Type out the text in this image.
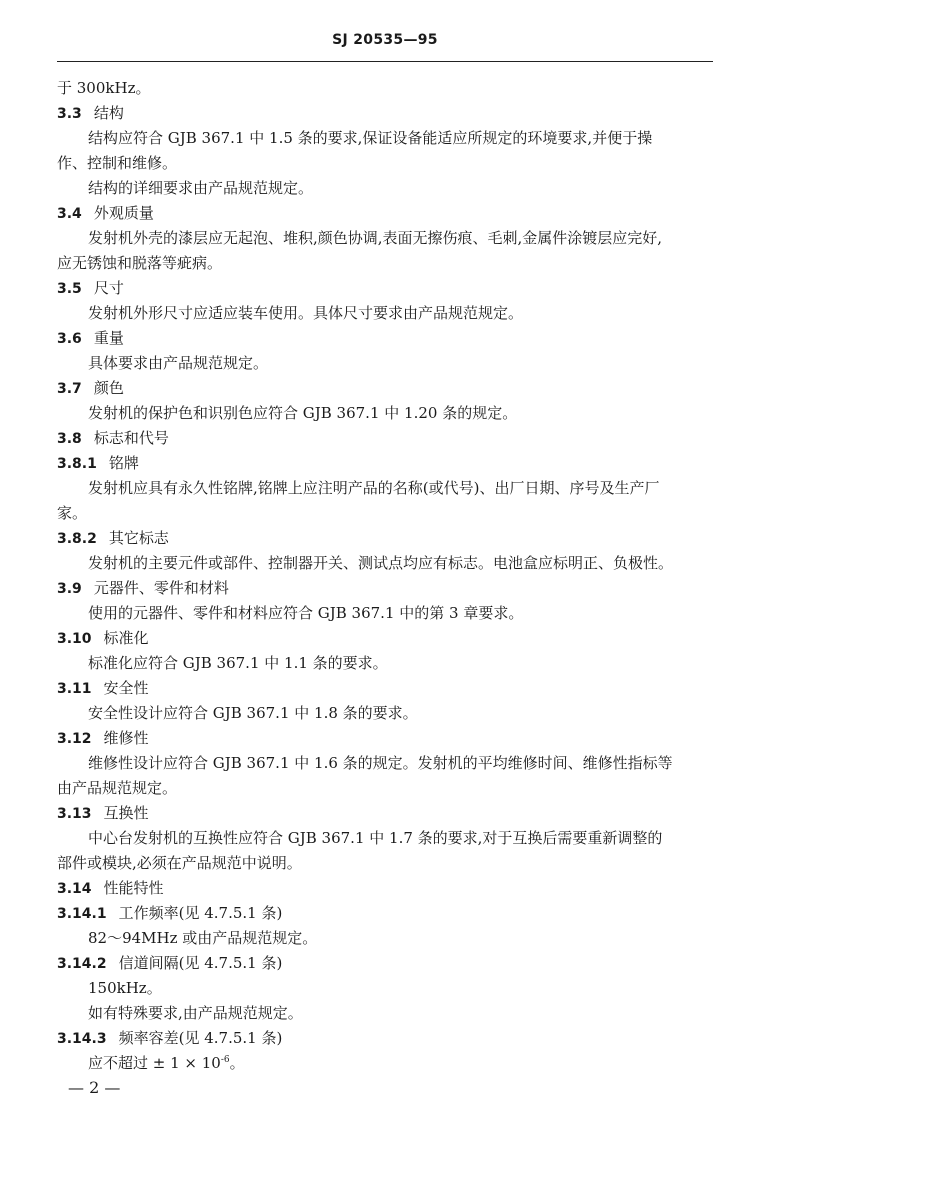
SJ 20535—95
于 300kHz。
3.3 结构
结构应符合 GJB 367.1 中 1.5 条的要求,保证设备能适应所规定的环境要求,并便于操
作、控制和维修。
结构的详细要求由产品规范规定。
3.4 外观质量
发射机外壳的漆层应无起泡、堆积,颜色协调,表面无擦伤痕、毛刺,金属件涂镀层应完好,
应无锈蚀和脱落等疵病。
3.5 尺寸
发射机外形尺寸应适应装车使用。具体尺寸要求由产品规范规定。
3.6 重量
具体要求由产品规范规定。
3.7 颜色
发射机的保护色和识别色应符合 GJB 367.1 中 1.20 条的规定。
3.8 标志和代号
3.8.1 铭牌
发射机应具有永久性铭牌,铭牌上应注明产品的名称(或代号)、出厂日期、序号及生产厂
家。
3.8.2 其它标志
发射机的主要元件或部件、控制器开关、测试点均应有标志。电池盒应标明正、负极性。
3.9 元器件、零件和材料
使用的元器件、零件和材料应符合 GJB 367.1 中的第 3 章要求。
3.10 标准化
标准化应符合 GJB 367.1 中 1.1 条的要求。
3.11 安全性
安全性设计应符合 GJB 367.1 中 1.8 条的要求。
3.12 维修性
维修性设计应符合 GJB 367.1 中 1.6 条的规定。发射机的平均维修时间、维修性指标等
由产品规范规定。
3.13 互换性
中心台发射机的互换性应符合 GJB 367.1 中 1.7 条的要求,对于互换后需要重新调整的
部件或模块,必须在产品规范中说明。
3.14 性能特性
3.14.1 工作频率(见 4.7.5.1 条)
82～94MHz 或由产品规范规定。
3.14.2 信道间隔(见 4.7.5.1 条)
150kHz。
如有特殊要求,由产品规范规定。
3.14.3 频率容差(见 4.7.5.1 条)
应不超过 ± $1 \times 10^{-6}$。
— 2 —
